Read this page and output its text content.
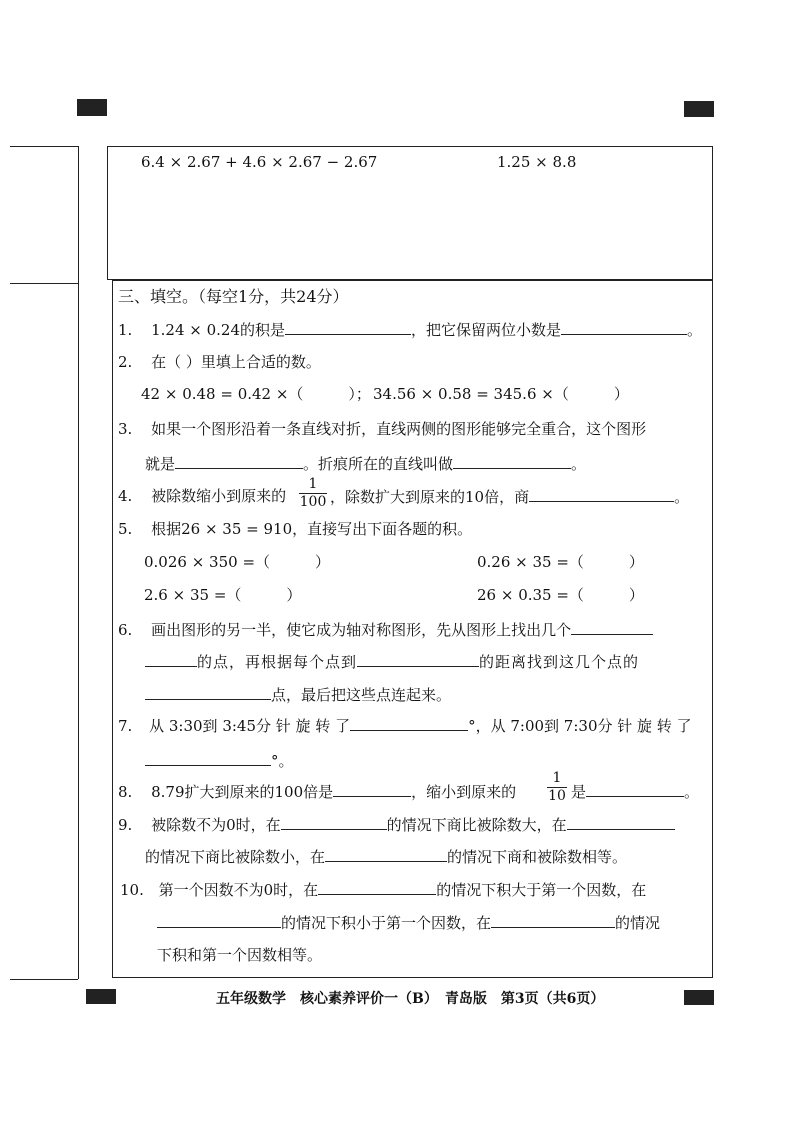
6.4 × 2.67 + 4.6 × 2.67 − 2.67	1.25 × 8.8
三、填空。（每空1分，共24分）
1. 1.24 × 0.24的积是	，把它保留两位小数是	。
2. 在（ ）里填上合适的数。
42 × 0.48 = 0.42 ×（　　　）； 34.56 × 0.58 = 345.6 ×（　　　）
3. 如果一个图形沿着一条直线对折，直线两侧的图形能够完全重合，这个图形
就是	。折痕所在的直线叫做	。
4. 被除数缩小到原来的
1
100 ，除数扩大到原来的10倍，商	。
5. 根据26 × 35 = 910，直接写出下面各题的积。
0.026 × 350 =（　　　）	0.26 × 35 =（　　　）
2.6 × 35 =（　　　）	26 × 0.35 =（　　　）
6. 画出图形的另一半，使它成为轴对称图形，先从图形上找出几个
的点，再根据每个点到	的距离找到这几个点的
点，最后把这些点连起来。
7. 从 3:30到 3:45分 针 旋 转 了	°，从 7:00到 7:30分 针 旋 转 了
°。
8. 8.79扩大到原来的100倍是	，缩小到原来的
1
10 是	。
9. 被除数不为0时，在	的情况下商比被除数大，在
的情况下商比被除数小，在	的情况下商和被除数相等。
10. 第一个因数不为0时，在	的情况下积大于第一个因数，在
的情况下积小于第一个因数，在	的情况
下积和第一个因数相等。
五年级数学　核心素养评价一（B）　青岛版　第3页（共6页）
